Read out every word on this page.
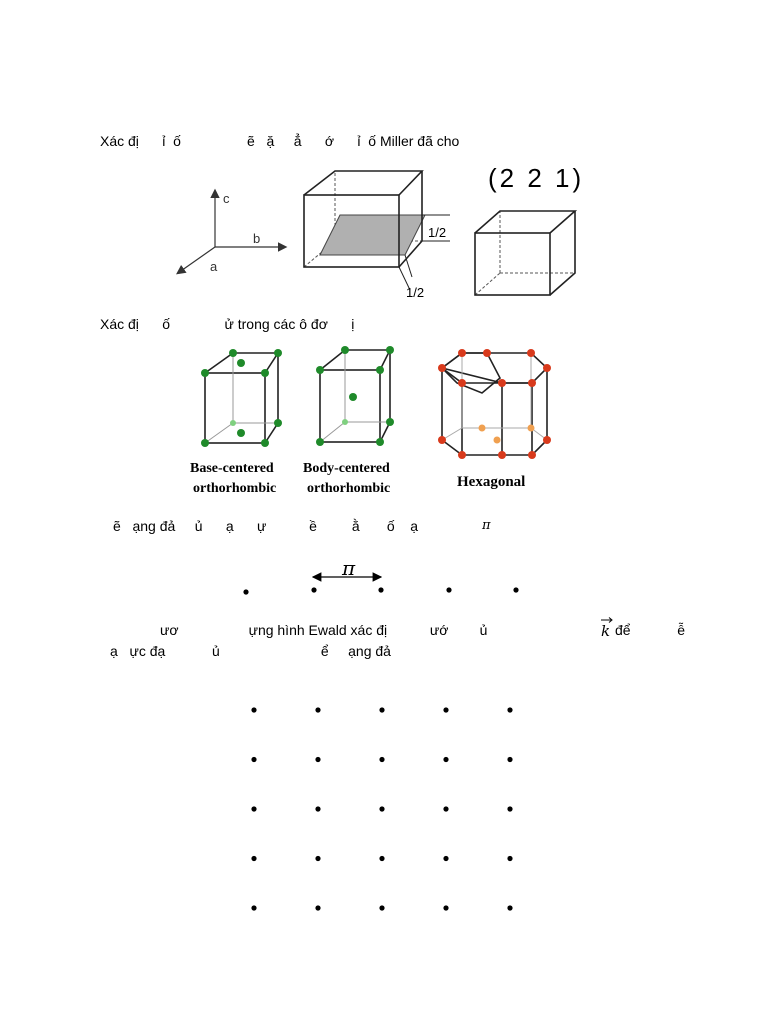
Xác đị      ỉ  ố                 ẽ   ặ     ẳ      ớ      ỉ  ố Miller đã cho
c
b
a
1/2
1/2
(2 2 1)
Xác đị      ố              ử trong các ô đơ      ị
Base-centered
orthorhombic
Body-centered
orthorhombic	Hexagonal
ẽ   ạng đả     ủ      ạ      ự           ề         ằ       ố    ạ	π
π
ươ                  ựng hình Ewald xác đị           ướ        ủ	k để            ễ
ạ   ực đạ            ủ                          ể     ạng đả
